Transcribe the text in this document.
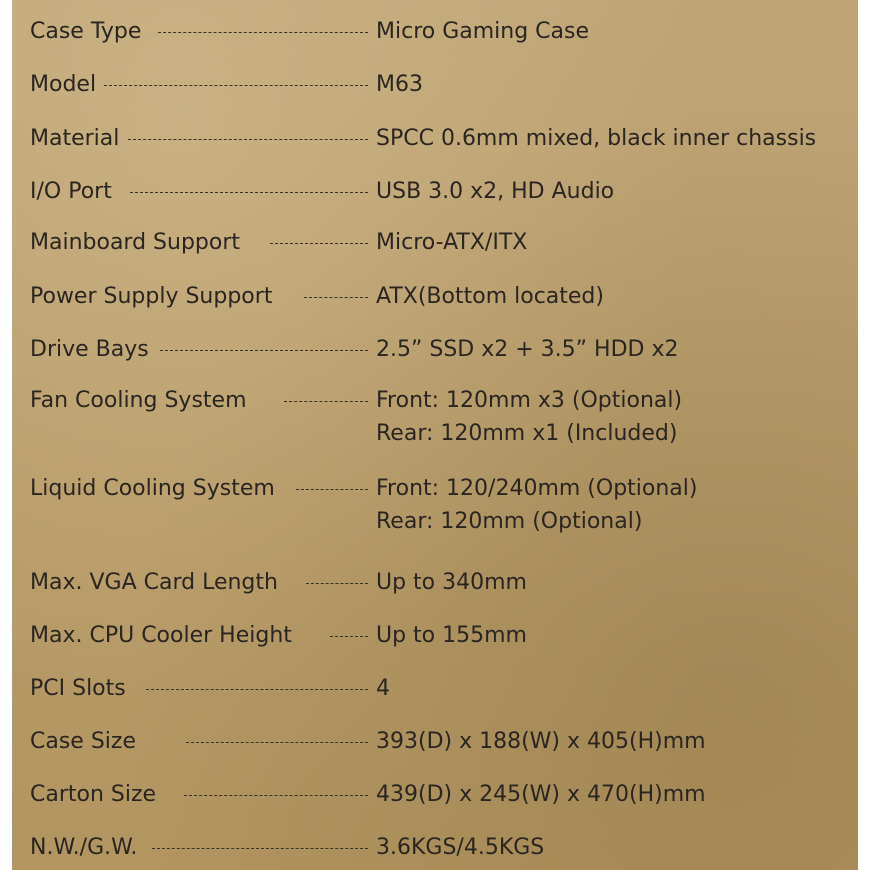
Case Type	Micro Gaming Case
Model	M63
Material	SPCC 0.6mm mixed, black inner chassis
I/O Port	USB 3.0 x2, HD Audio
Mainboard Support	Micro-ATX/ITX
Power Supply Support	ATX(Bottom located)
Drive Bays	2.5” SSD x2 + 3.5” HDD x2
Fan Cooling System	Front: 120mm x3 (Optional)
Rear: 120mm x1 (Included)
Liquid Cooling System	Front: 120/240mm (Optional)
Rear: 120mm (Optional)
Max. VGA Card Length	Up to 340mm
Max. CPU Cooler Height	Up to 155mm
PCI Slots	4
Case Size	393(D) x 188(W) x 405(H)mm
Carton Size	439(D) x 245(W) x 470(H)mm
N.W./G.W.	3.6KGS/4.5KGS
